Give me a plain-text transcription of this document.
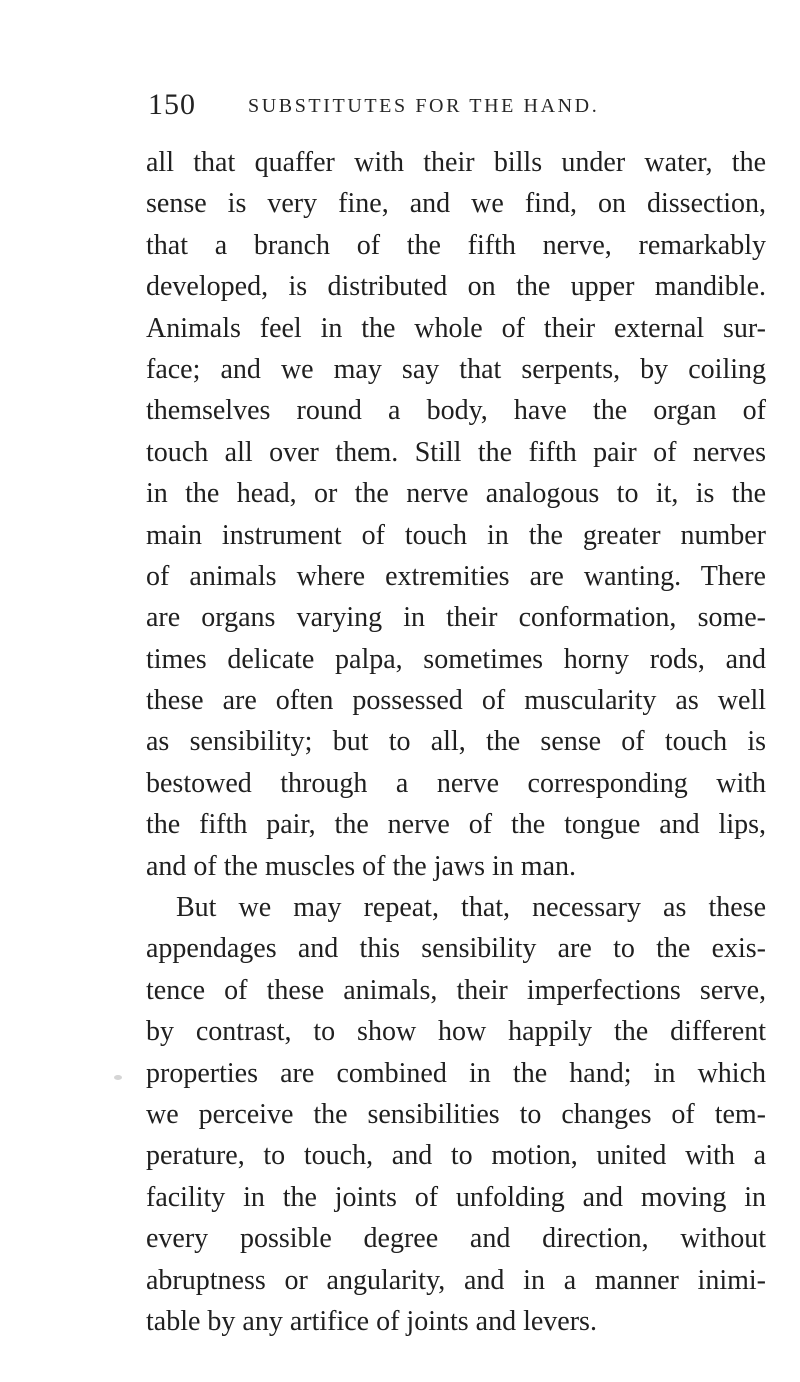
150	SUBSTITUTES FOR THE HAND.
all that quaffer with their bills under water, the
sense is very fine, and we find, on dissection,
that a branch of the fifth nerve, remarkably
developed, is distributed on the upper mandible.
Animals feel in the whole of their external sur-
face; and we may say that serpents, by coiling
themselves round a body, have the organ of
touch all over them. Still the fifth pair of nerves
in the head, or the nerve analogous to it, is the
main instrument of touch in the greater number
of animals where extremities are wanting. There
are organs varying in their conformation, some-
times delicate palpa, sometimes horny rods, and
these are often possessed of muscularity as well
as sensibility; but to all, the sense of touch is
bestowed through a nerve corresponding with
the fifth pair, the nerve of the tongue and lips,
and of the muscles of the jaws in man.
But we may repeat, that, necessary as these
appendages and this sensibility are to the exis-
tence of these animals, their imperfections serve,
by contrast, to show how happily the different
properties are combined in the hand; in which
we perceive the sensibilities to changes of tem-
perature, to touch, and to motion, united with a
facility in the joints of unfolding and moving in
every possible degree and direction, without
abruptness or angularity, and in a manner inimi-
table by any artifice of joints and levers.
